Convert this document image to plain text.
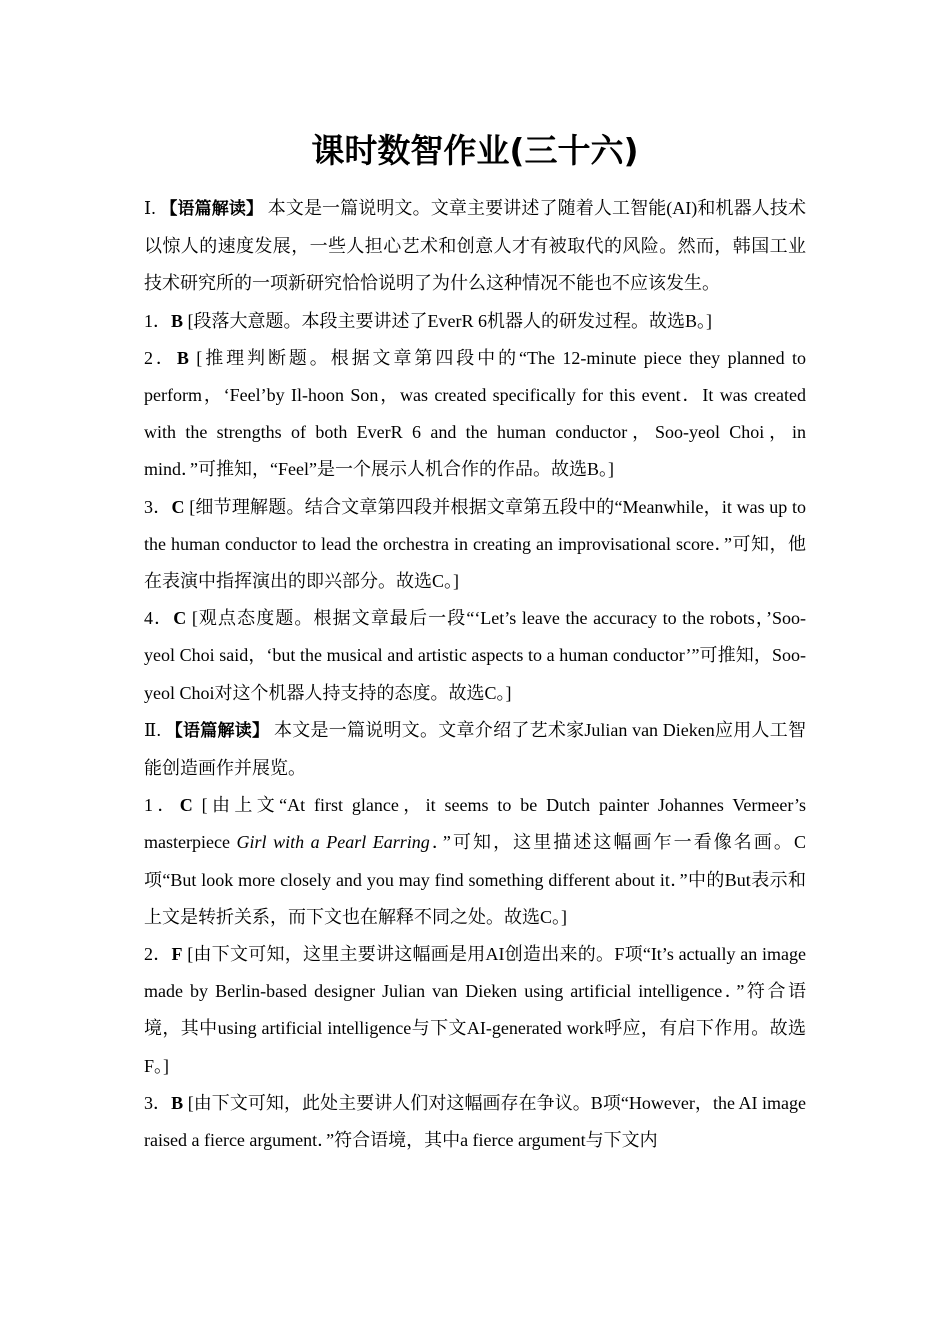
课时数智作业(三十六)

Ⅰ. 【语篇解读】 本文是一篇说明文。文章主要讲述了随着人工智能(AI)和机器人技术以惊人的速度发展，一些人担心艺术和创意人才有被取代的风险。然而，韩国工业技术研究所的一项新研究恰恰说明了为什么这种情况不能也不应该发生。

1．B [段落大意题。本段主要讲述了EverR 6机器人的研发过程。故选B。]

2．B [推理判断题。根据文章第四段中的“The 12-minute piece they planned to perform，‘Feel’by Il-hoon Son，was created specifically for this event．It was created with the strengths of both EverR 6 and the human conductor，Soo-yeol Choi，in mind．”可推知，“Feel”是一个展示人机合作的作品。故选B。]

3．C [细节理解题。结合文章第四段并根据文章第五段中的“Meanwhile，it was up to the human conductor to lead the orchestra in creating an improvisational score．”可知，他在表演中指挥演出的即兴部分。故选C。]

4．C [观点态度题。根据文章最后一段“‘Let’s leave the accuracy to the robots，’Soo-yeol Choi said，‘but the musical and artistic aspects to a human conductor’”可推知，Soo-yeol Choi对这个机器人持支持的态度。故选C。]

Ⅱ. 【语篇解读】 本文是一篇说明文。文章介绍了艺术家Julian van Dieken应用人工智能创造画作并展览。

1．C [由上文“At first glance，it seems to be Dutch painter Johannes Vermeer’s masterpiece Girl with a Pearl Earring．”可知，这里描述这幅画乍一看像名画。C项“But look more closely and you may find something different about it．”中的But表示和上文是转折关系，而下文也在解释不同之处。故选C。]

2．F [由下文可知，这里主要讲这幅画是用AI创造出来的。F项“It’s actually an image made by Berlin-based designer Julian van Dieken using artificial intelligence．”符合语境，其中using artificial intelligence与下文AI-generated work呼应，有启下作用。故选F。]

3．B [由下文可知，此处主要讲人们对这幅画存在争议。B项“However，the AI image raised a fierce argument．”符合语境，其中a fierce argument与下文内
